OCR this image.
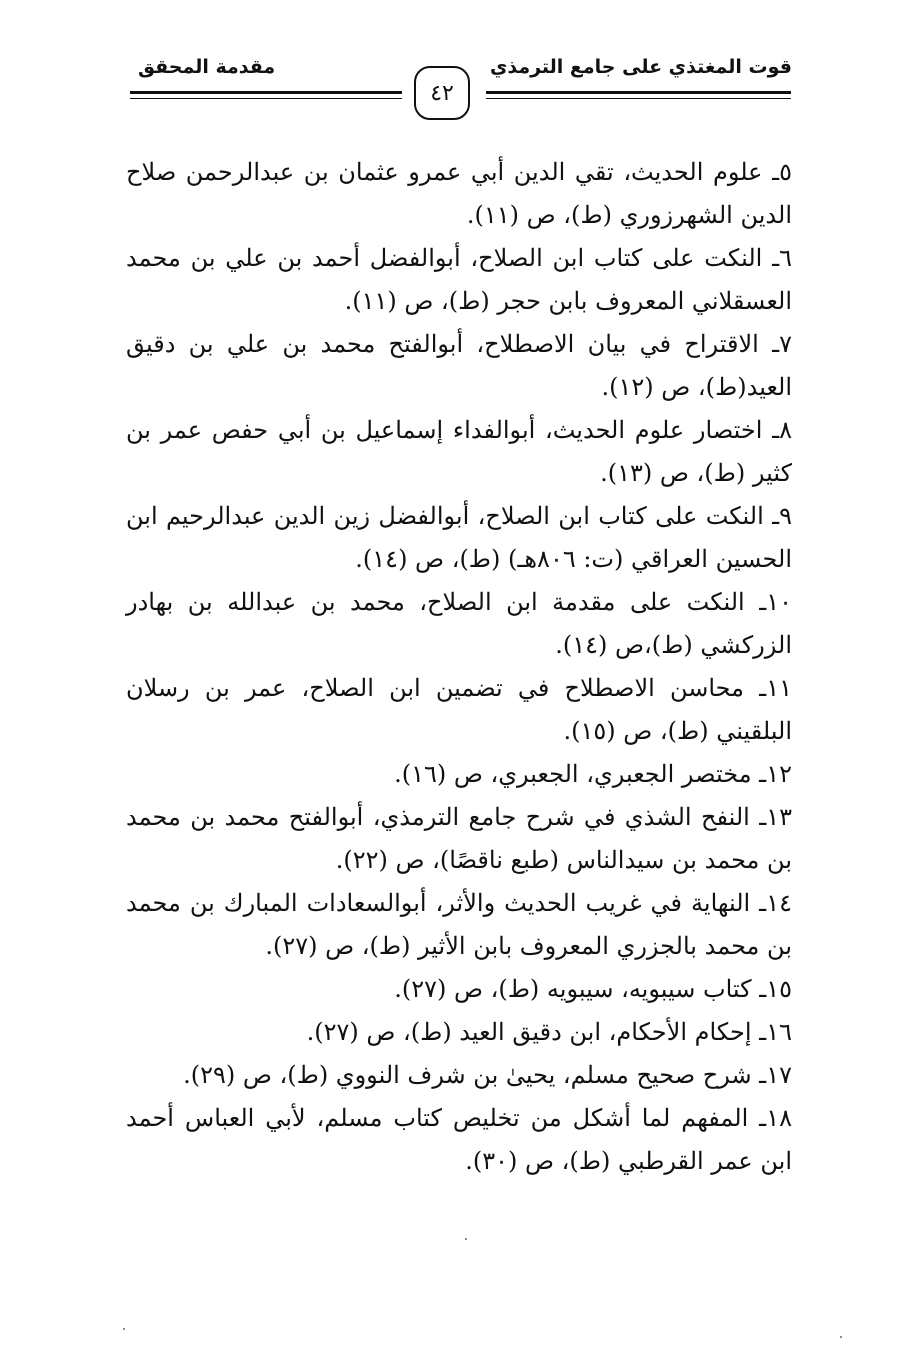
قوت المغتذي على جامع الترمذي
مقدمة المحقق
٤٢

٥ـ علوم الحديث، تقي الدين أبي عمرو عثمان بن عبدالرحمن صلاح الدين الشهرزوري (ط)، ص (١١).

٦ـ النكت على كتاب ابن الصلاح، أبوالفضل أحمد بن علي بن محمد العسقلاني المعروف بابن حجر (ط)، ص (١١).

٧ـ الاقتراح في بيان الاصطلاح، أبوالفتح محمد بن علي بن دقيق العيد(ط)، ص (١٢).

٨ـ اختصار علوم الحديث، أبوالفداء إسماعيل بن أبي حفص عمر بن كثير (ط)، ص (١٣).

٩ـ النكت على كتاب ابن الصلاح، أبوالفضل زين الدين عبدالرحيم ابن الحسين العراقي (ت: ٨٠٦هـ) (ط)، ص (١٤).

١٠ـ النكت على مقدمة ابن الصلاح، محمد بن عبدالله بن بهادر الزركشي (ط)،ص (١٤).

١١ـ محاسن الاصطلاح في تضمين ابن الصلاح، عمر بن رسلان البلقيني (ط)، ص (١٥).

١٢ـ مختصر الجعبري، الجعبري، ص (١٦).

١٣ـ النفح الشذي في شرح جامع الترمذي، أبوالفتح محمد بن محمد بن محمد بن سيدالناس (طبع ناقصًا)، ص (٢٢).

١٤ـ النهاية في غريب الحديث والأثر، أبوالسعادات المبارك بن محمد بن محمد بالجزري المعروف بابن الأثير (ط)، ص (٢٧).

١٥ـ كتاب سيبويه، سيبويه (ط)، ص (٢٧).

١٦ـ إحكام الأحكام، ابن دقيق العيد (ط)، ص (٢٧).

١٧ـ شرح صحيح مسلم، يحيىٰ بن شرف النووي (ط)، ص (٢٩).

١٨ـ المفهم لما أشكل من تخليص كتاب مسلم، لأبي العباس أحمد ابن عمر القرطبي (ط)، ص (٣٠).
